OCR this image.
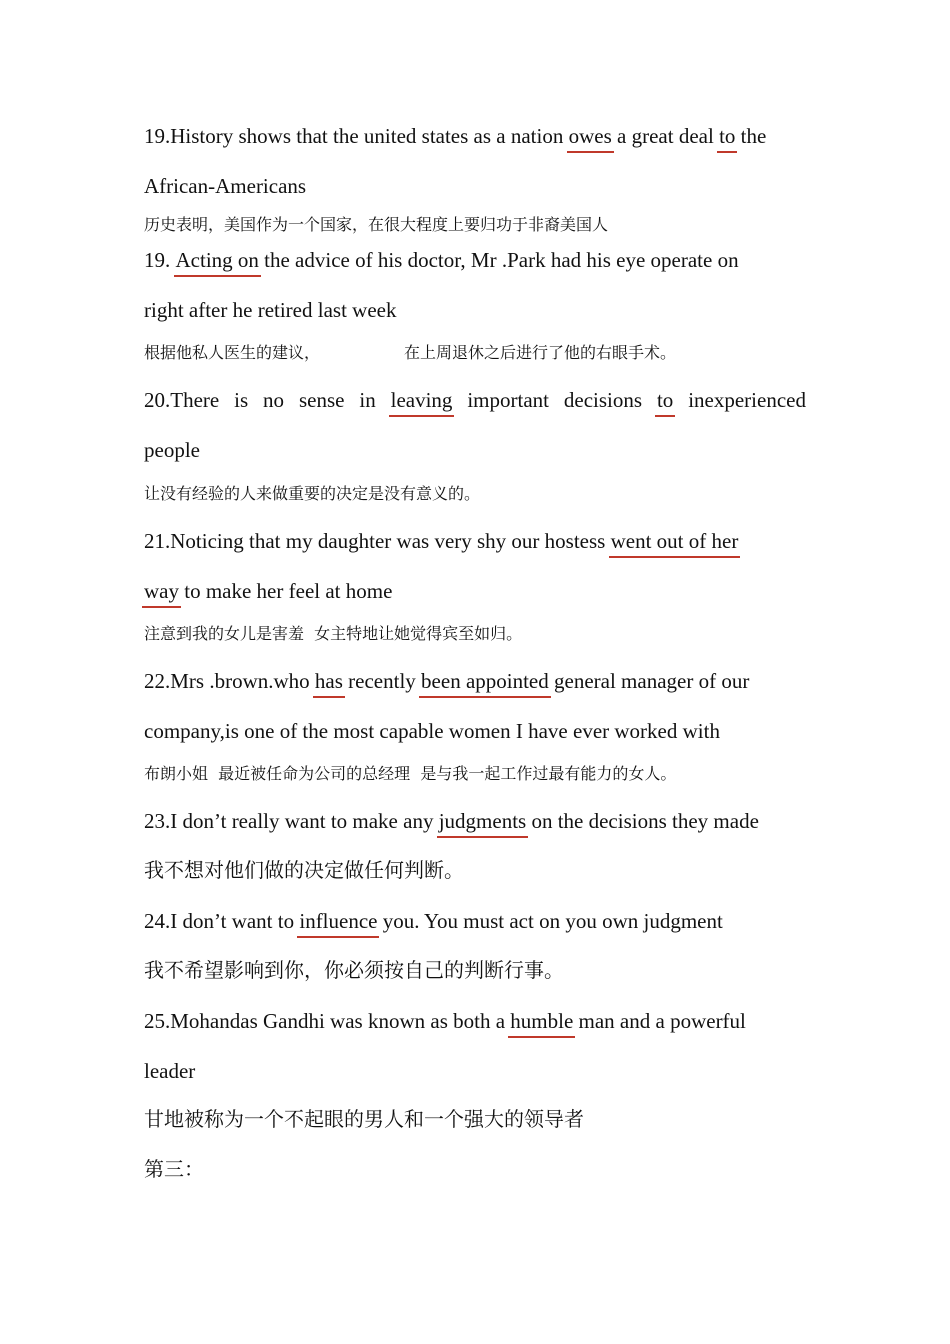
19.History shows that the united states as a nation owes a great deal to the
African-Americans
历史表明，美国作为一个国家，在很大程度上要归功于非裔美国人
19. Acting on the advice of his doctor, Mr .Park had his eye operate on
right after he retired last week
根据他私人医生的建议，	在上周退休之后进行了他的右眼手术。
20.There is no sense in leaving important decisions to inexperienced
people
让没有经验的人来做重要的决定是没有意义的。
21.Noticing that my daughter was very shy our hostess went out of her
way to make her feel at home
注意到我的女儿是害羞  女主特地让她觉得宾至如归。
22.Mrs .brown.who has recently been appointed general manager of our
company,is one of the most capable women I have ever worked with
布朗小姐  最近被任命为公司的总经理  是与我一起工作过最有能力的女人。
23.I don’t really want to make any judgments on the decisions they made
我不想对他们做的决定做任何判断。
24.I don’t want to influence you. You must act on you own judgment
我不希望影响到你，你必须按自己的判断行事。
25.Mohandas Gandhi was known as both a humble man and a powerful
leader
甘地被称为一个不起眼的男人和一个强大的领导者
第三：
